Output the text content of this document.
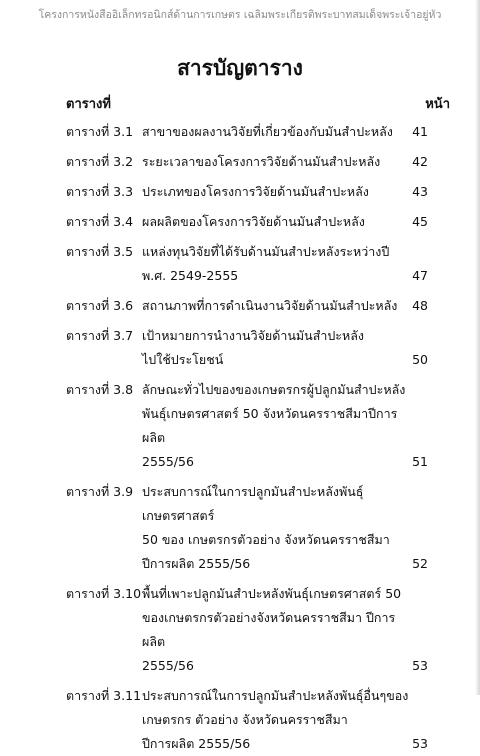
โครงการหนังสืออิเล็กทรอนิกส์ด้านการเกษตร เฉลิมพระเกียรติพระบาทสมเด็จพระเจ้าอยู่หัว
สารบัญตาราง
ตารางที่	หน้า
ตารางที่ 3.1 สาขาของผลงานวิจัยที่เกี่ยวข้องกับมันสำปะหลัง	41
ตารางที่ 3.2 ระยะเวลาของโครงการวิจัยด้านมันสำปะหลัง	42
ตารางที่ 3.3 ประเภทของโครงการวิจัยด้านมันสำปะหลัง	43
ตารางที่ 3.4 ผลผลิตของโครงการวิจัยด้านมันสำปะหลัง	45
ตารางที่ 3.5 แหล่งทุนวิจัยที่ได้รับด้านมันสำปะหลังระหว่างปี
พ.ศ. 2549-2555	47
ตารางที่ 3.6 สถานภาพที่การดำเนินงานวิจัยด้านมันสำปะหลัง	48
ตารางที่ 3.7 เป้าหมายการนำงานวิจัยด้านมันสำปะหลัง
ไปใช้ประโยชน์	50
ตารางที่ 3.8 ลักษณะทั่วไปของของเกษตรกรผู้ปลูกมันสำปะหลัง
พันธุ์เกษตรศาสตร์ 50 จังหวัดนครราชสีมาปีการผลิต
2555/56	51
ตารางที่ 3.9 ประสบการณ์ในการปลูกมันสำปะหลังพันธุ์เกษตรศาสตร์
50 ของ เกษตรกรตัวอย่าง จังหวัดนครราชสีมา
ปีการผลิต 2555/56	52
ตารางที่ 3.10 พื้นที่เพาะปลูกมันสำปะหลังพันธุ์เกษตรศาสตร์ 50
ของเกษตรกรตัวอย่างจังหวัดนครราชสีมา ปีการผลิต
2555/56	53
ตารางที่ 3.11 ประสบการณ์ในการปลูกมันสำปะหลังพันธุ์อื่นๆของ
เกษตรกร ตัวอย่าง จังหวัดนครราชสีมา
ปีการผลิต 2555/56	53
